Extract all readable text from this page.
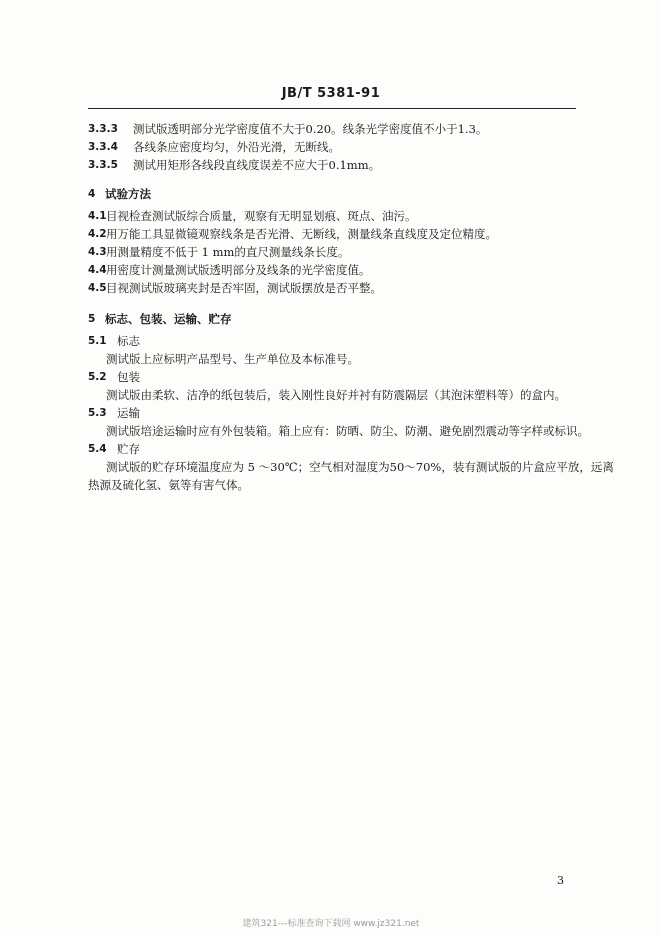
JB/T 5381-91
3.3.3 测试版透明部分光学密度值不大于0.20。线条光学密度值不小于1.3。
3.3.4 各线条应密度均匀，外沿光滑，无断线。
3.3.5 测试用矩形各线段直线度误差不应大于0.1mm。
4 试验方法
4.1 目视检查测试版综合质量，观察有无明显划痕、斑点、油污。
4.2 用万能工具显微镜观察线条是否光滑、无断线，测量线条直线度及定位精度。
4.3 用测量精度不低于 1 mm的直尺测量线条长度。
4.4 用密度计测量测试版透明部分及线条的光学密度值。
4.5 目视测试版玻璃夹封是否牢固，测试版摆放是否平整。
5 标志、包装、运输、贮存
5.1 标志
测试版上应标明产品型号、生产单位及本标准号。
5.2 包装
测试版由柔软、洁净的纸包装后，装入刚性良好并衬有防震隔层（其泡沫塑料等）的盒内。
5.3 运输
测试版培途运输时应有外包装箱。箱上应有：防晒、防尘、防潮、避免剧烈震动等字样或标识。
5.4 贮存
测试版的贮存环境温度应为 5 ～30℃；空气相对湿度为50～70%，装有测试版的片盒应平放，远离
热源及硫化氢、氨等有害气体。
3
建筑321---标准查询下载网 www.jz321.net
